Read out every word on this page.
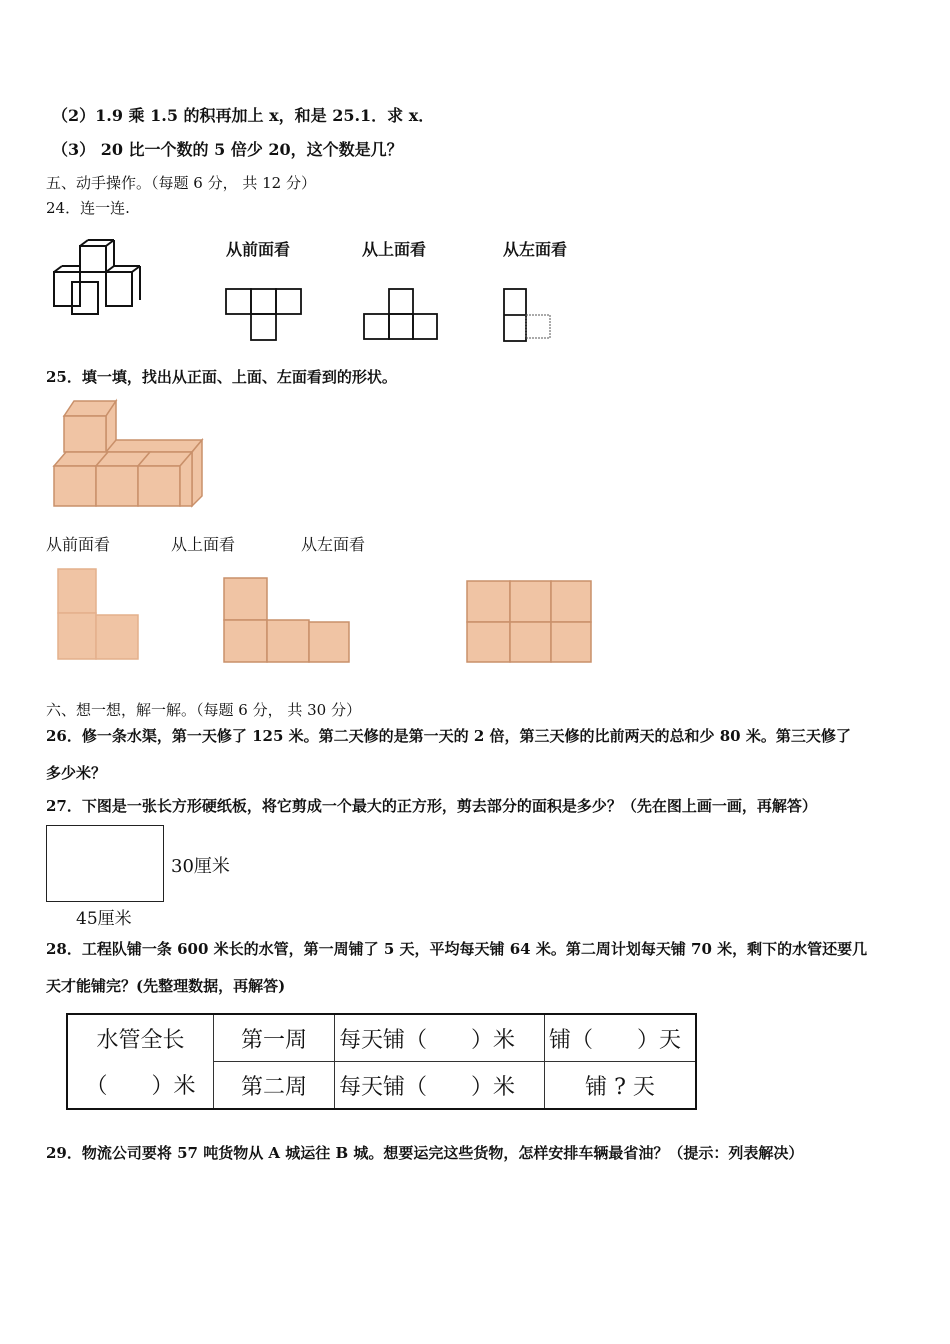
（2）1.9 乘 1.5 的积再加上 x，和是 25.1．求 x．
（3） 20 比一个数的 5 倍少 20，这个数是几？
五、动手操作。（每题 6 分， 共 12 分）
24．连一连.
从前面看	从上面看	从左面看
25．填一填，找出从正面、上面、左面看到的形状。
从前面看	从上面看	从左面看
六、想一想，解一解。（每题 6 分， 共 30 分）
26．修一条水渠，第一天修了 125 米。第二天修的是第一天的 2 倍，第三天修的比前两天的总和少 80 米。第三天修了
多少米？
27．下图是一张长方形硬纸板，将它剪成一个最大的正方形，剪去部分的面积是多少？（先在图上画一画，再解答）
30厘米
45厘米
28．工程队铺一条 600 米长的水管，第一周铺了 5 天，平均每天铺 64 米。第二周计划每天铺 70 米，剩下的水管还要几
天才能铺完？(先整理数据，再解答)
水管全长	第一周	每天铺（　　）米	铺（　　）天
（　　）米	第二周	每天铺（　　）米	铺 ? 天
29．物流公司要将 57 吨货物从 A 城运往 B 城。想要运完这些货物，怎样安排车辆最省油？（提示：列表解决）
